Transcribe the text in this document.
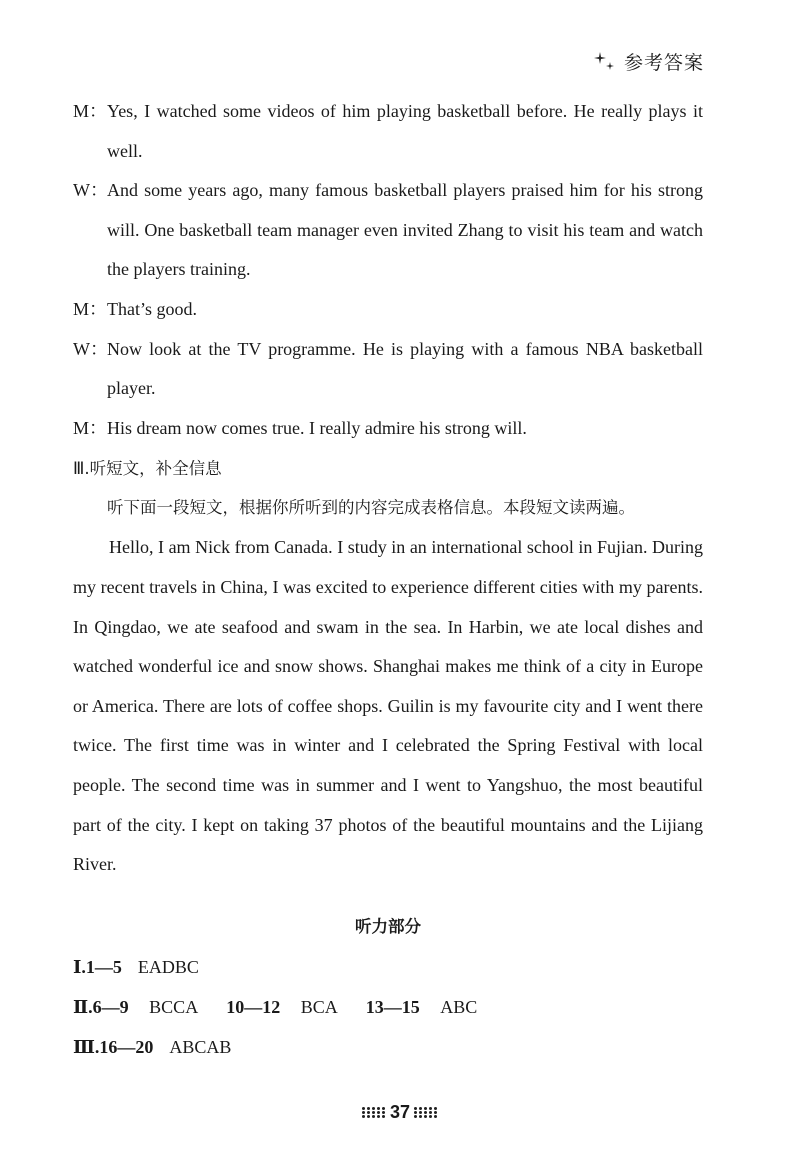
参考答案
M： Yes, I watched some videos of him playing basketball before. He really plays it well.
W： And some years ago, many famous basketball players praised him for his strong will. One basketball team manager even invited Zhang to visit his team and watch the players training.
M： That’s good.
W： Now look at the TV programme. He is playing with a famous NBA basketball player.
M： His dream now comes true. I really admire his strong will.
Ⅲ.听短文，补全信息
听下面一段短文，根据你所听到的内容完成表格信息。本段短文读两遍。
Hello, I am Nick from Canada. I study in an international school in Fujian. During my recent travels in China, I was excited to experience different cities with my parents. In Qingdao, we ate seafood and swam in the sea. In Harbin, we ate local dishes and watched wonderful ice and snow shows. Shanghai makes me think of a city in Europe or America. There are lots of coffee shops. Guilin is my favourite city and I went there twice. The first time was in winter and I celebrated the Spring Festival with local people. The second time was in summer and I went to Yangshuo, the most beautiful part of the city. I kept on taking 37 photos of the beautiful mountains and the Lijiang River.
听力部分
Ⅰ.1—5 EADBC
Ⅱ.6—9 BCCA 10—12 BCA 13—15 ABC
Ⅲ.16—20 ABCAB
37
